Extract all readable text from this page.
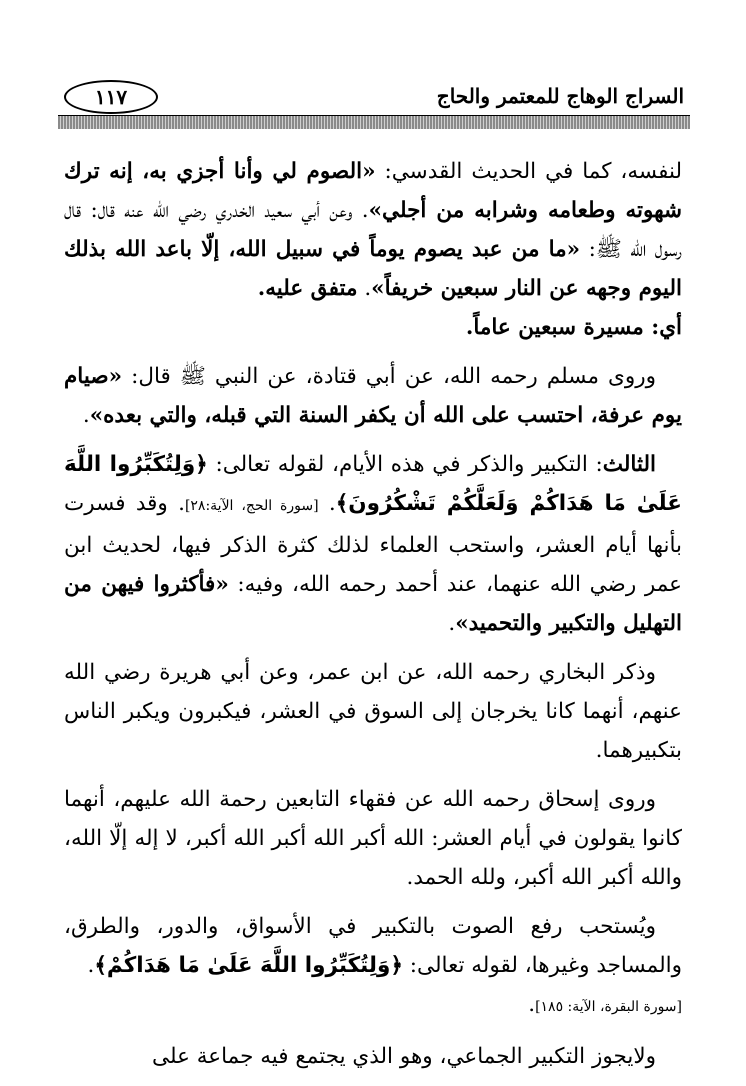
١١٧	السراج الوهاج للمعتمر والحاج

لنفسه، كما في الحديث القدسي: «الصوم لي وأنا أجزي به، إنه ترك شهوته وطعامه وشرابه من أجلي». وعن أبي سعيد الخدري رضي الله عنه قال: قال رسول الله ﷺ: «ما من عبد يصوم يوماً في سبيل الله، إلّا باعد الله بذلك اليوم وجهه عن النار سبعين خريفاً». متفق عليه.

أي: مسيرة سبعين عاماً.

وروى مسلم رحمه الله، عن أبي قتادة، عن النبي ﷺ قال: «صيام يوم عرفة، احتسب على الله أن يكفر السنة التي قبله، والتي بعده».

الثالث: التكبير والذكر في هذه الأيام، لقوله تعالى: ﴿وَلِتُكَبِّرُوا اللَّهَ عَلَىٰ مَا هَدَاكُمْ وَلَعَلَّكُمْ تَشْكُرُونَ﴾. [سورة الحج، الآية:٢٨]. وقد فسرت بأنها أيام العشر، واستحب العلماء لذلك كثرة الذكر فيها، لحديث ابن عمر رضي الله عنهما، عند أحمد رحمه الله، وفيه: «فأكثروا فيهن من التهليل والتكبير والتحميد».

وذكر البخاري رحمه الله، عن ابن عمر، وعن أبي هريرة رضي الله عنهم، أنهما كانا يخرجان إلى السوق في العشر، فيكبرون ويكبر الناس بتكبيرهما.

وروى إسحاق رحمه الله عن فقهاء التابعين رحمة الله عليهم، أنهما كانوا يقولون في أيام العشر: الله أكبر الله أكبر الله أكبر، لا إله إلّا الله، والله أكبر الله أكبر، ولله الحمد.

ويُستحب رفع الصوت بالتكبير في الأسواق، والدور، والطرق، والمساجد وغيرها، لقوله تعالى: ﴿وَلِتُكَبِّرُوا اللَّهَ عَلَىٰ مَا هَدَاكُمْ﴾.

[سورة البقرة، الآية: ١٨٥].

ولايجوز التكبير الجماعي، وهو الذي يجتمع فيه جماعة على
